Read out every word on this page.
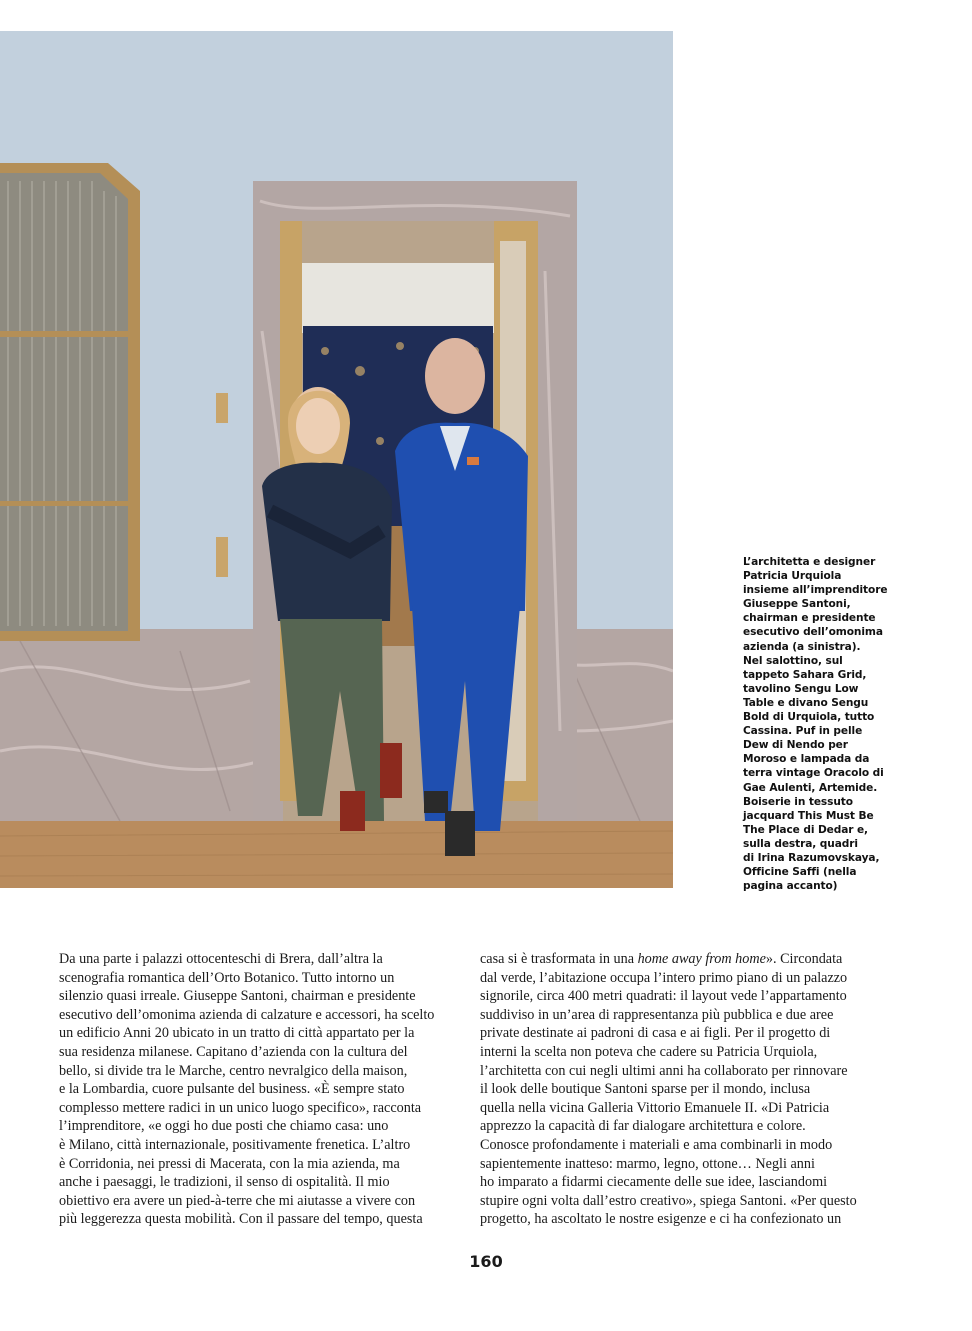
L’architetta e designer
Patricia Urquiola
insieme all’imprenditore
Giuseppe Santoni,
chairman e presidente
esecutivo dell’omonima
azienda (a sinistra).
Nel salottino, sul
tappeto Sahara Grid,
tavolino Sengu Low
Table e divano Sengu
Bold di Urquiola, tutto
Cassina. Puf in pelle
Dew di Nendo per
Moroso e lampada da
terra vintage Oracolo di
Gae Aulenti, Artemide.
Boiserie in tessuto
jacquard This Must Be
The Place di Dedar e,
sulla destra, quadri
di Irina Razumovskaya,
Officine Saffi (nella
pagina accanto)
Da una parte i palazzi ottocenteschi di Brera, dall’altra la
scenografia romantica dell’Orto Botanico. Tutto intorno un
silenzio quasi irreale. Giuseppe Santoni, chairman e presidente
esecutivo dell’omonima azienda di calzature e accessori, ha scelto
un edificio Anni 20 ubicato in un tratto di città appartato per la
sua residenza milanese. Capitano d’azienda con la cultura del
bello, si divide tra le Marche, centro nevralgico della maison,
e la Lombardia, cuore pulsante del business. «È sempre stato
complesso mettere radici in un unico luogo specifico», racconta
l’imprenditore, «e oggi ho due posti che chiamo casa: uno
è Milano, città internazionale, positivamente frenetica. L’altro
è Corridonia, nei pressi di Macerata, con la mia azienda, ma
anche i paesaggi, le tradizioni, il senso di ospitalità. Il mio
obiettivo era avere un pied-à-terre che mi aiutasse a vivere con
più leggerezza questa mobilità. Con il passare del tempo, questa
casa si è trasformata in una home away from home». Circondata
dal verde, l’abitazione occupa l’intero primo piano di un palazzo
signorile, circa 400 metri quadrati: il layout vede l’appartamento
suddiviso in un’area di rappresentanza più pubblica e due aree
private destinate ai padroni di casa e ai figli. Per il progetto di
interni la scelta non poteva che cadere su Patricia Urquiola,
l’architetta con cui negli ultimi anni ha collaborato per rinnovare
il look delle boutique Santoni sparse per il mondo, inclusa
quella nella vicina Galleria Vittorio Emanuele II. «Di Patricia
apprezzo la capacità di far dialogare architettura e colore.
Conosce profondamente i materiali e ama combinarli in modo
sapientemente inatteso: marmo, legno, ottone… Negli anni
ho imparato a fidarmi ciecamente delle sue idee, lasciandomi
stupire ogni volta dall’estro creativo», spiega Santoni. «Per questo
progetto, ha ascoltato le nostre esigenze e ci ha confezionato un
160
